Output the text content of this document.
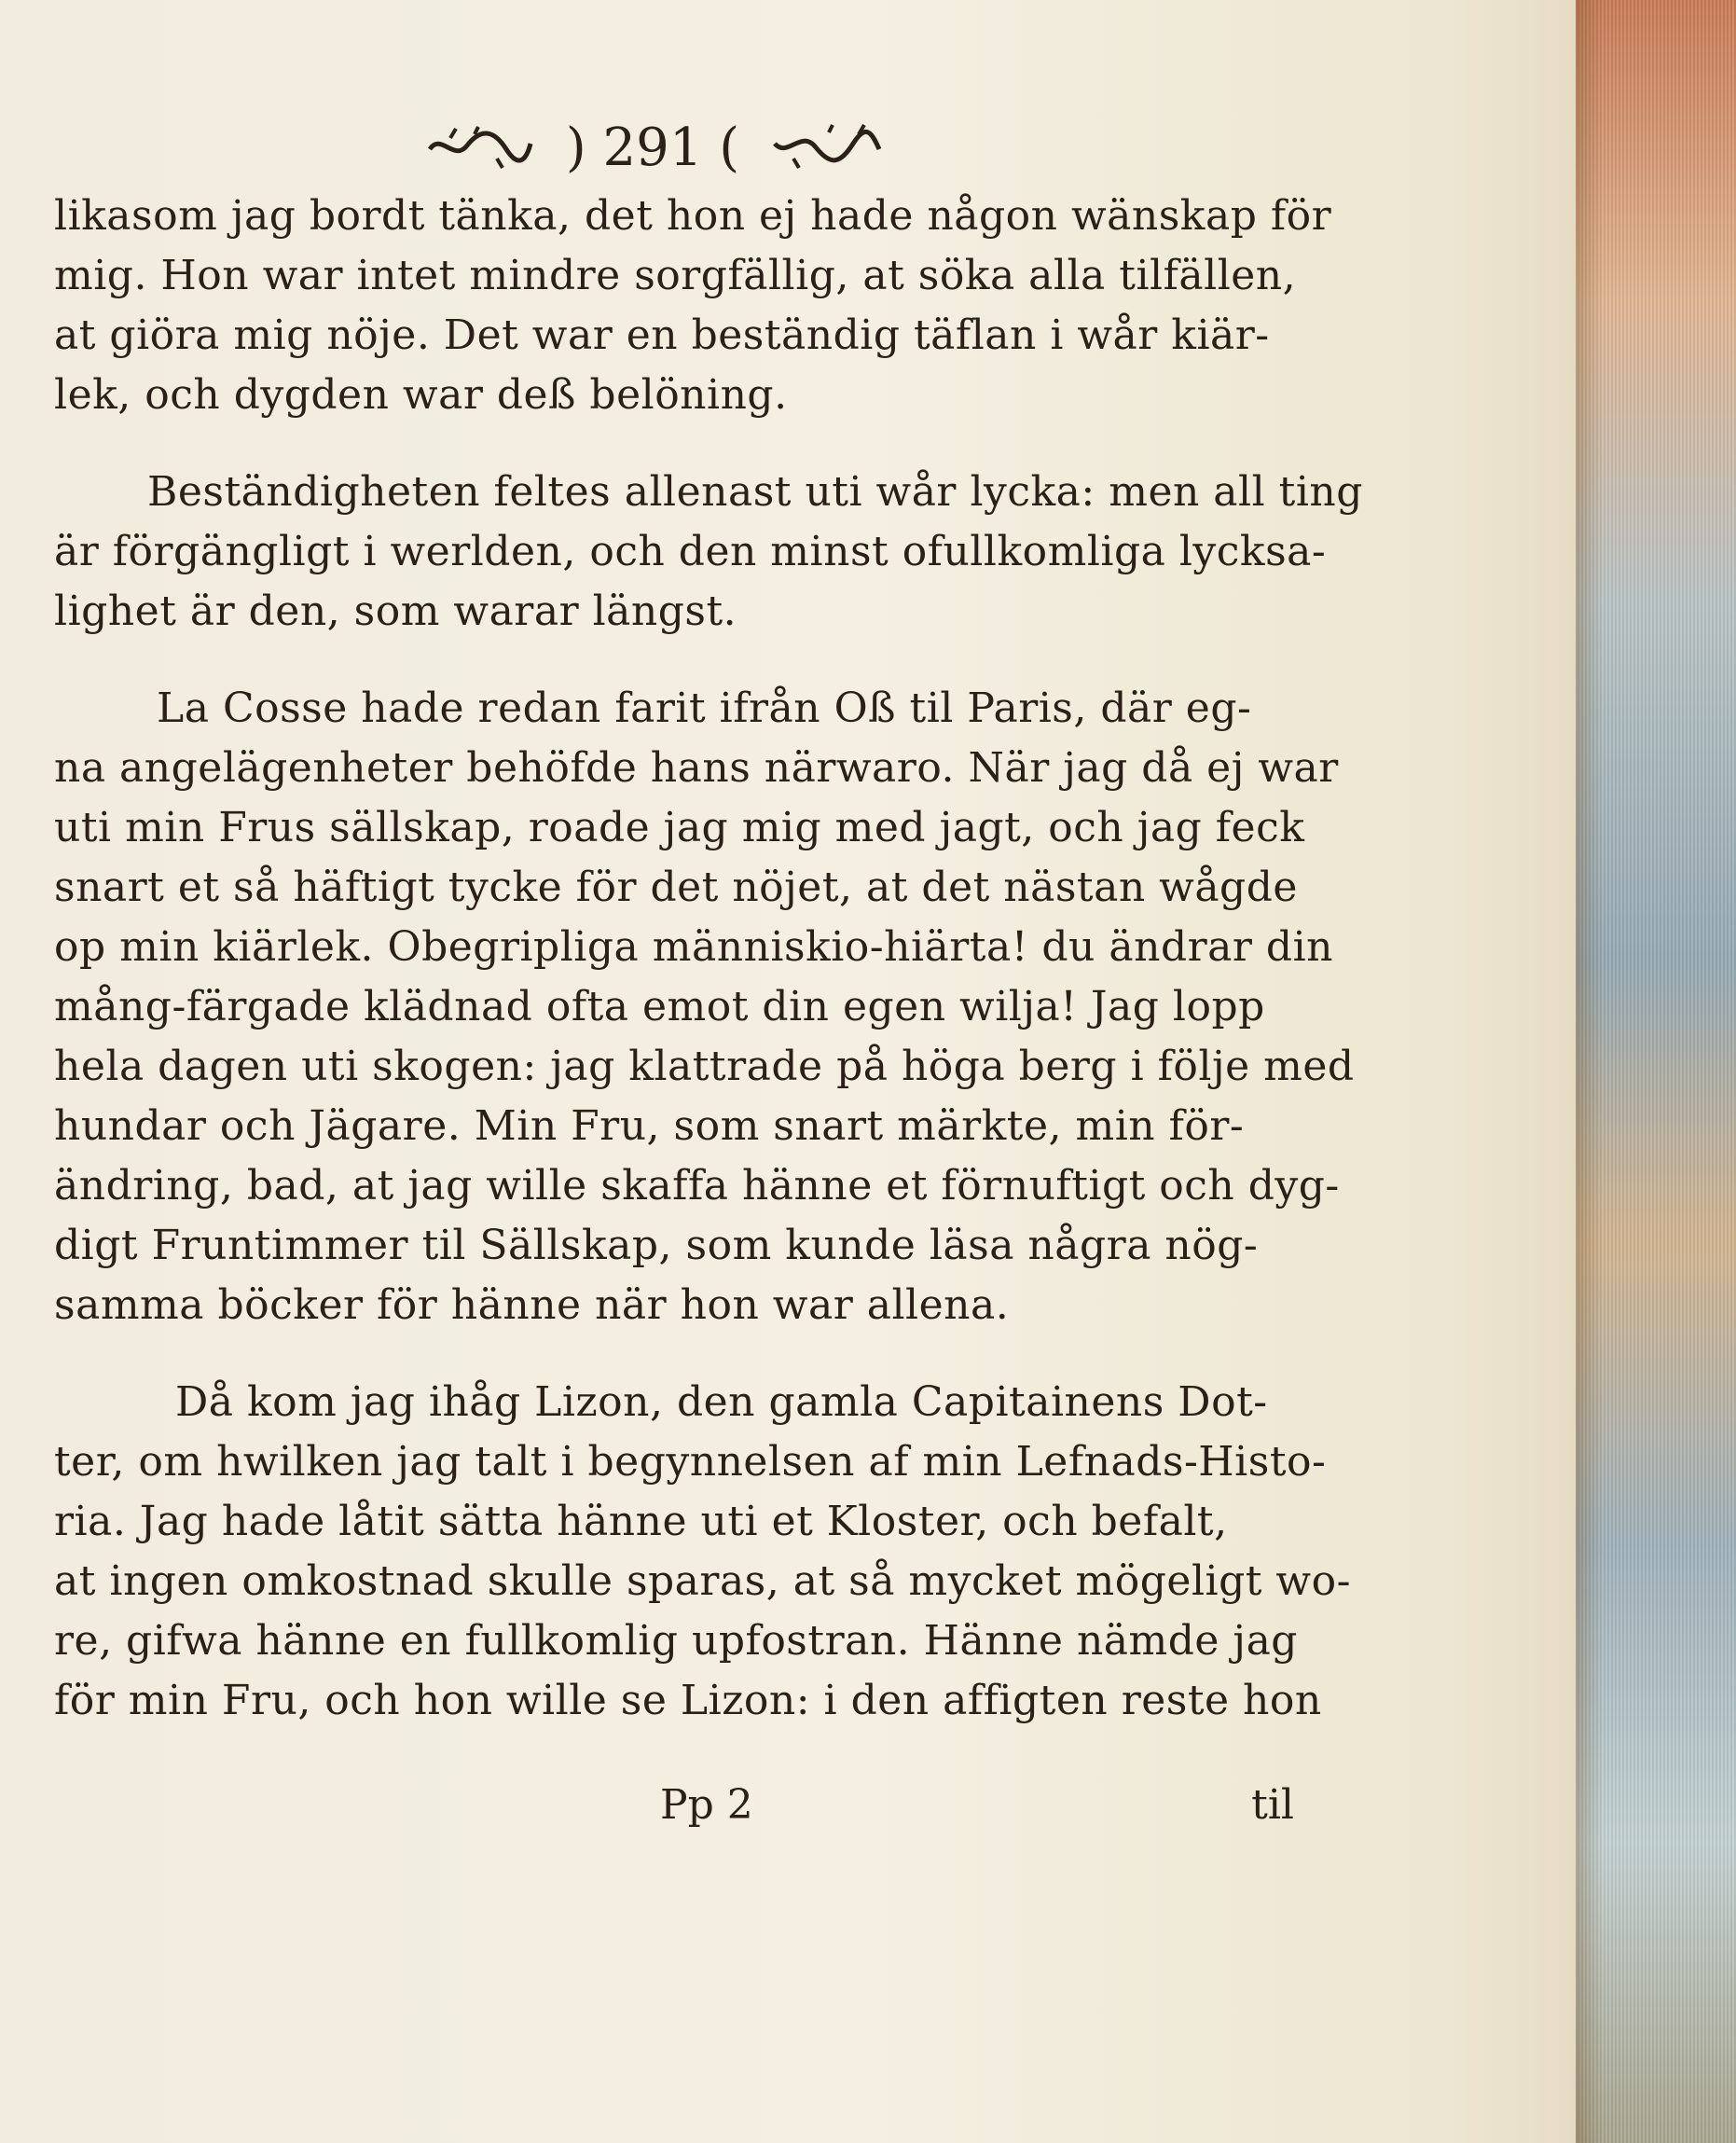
) 291 (
likasom jag bordt tänka, det hon ej hade någon wänskap för
mig. Hon war intet mindre sorgfällig, at söka alla tilfällen,
at giöra mig nöje. Det war en beständig täflan i wår kiär-
lek, och dygden war deß belöning.
Beständigheten feltes allenast uti wår lycka: men all ting
är förgängligt i werlden, och den minst ofullkomliga lycksa-
lighet är den, som warar längst.
La Cosse hade redan farit ifrån Oß til Paris, där eg-
na angelägenheter behöfde hans närwaro. När jag då ej war
uti min Frus sällskap, roade jag mig med jagt, och jag feck
snart et så häftigt tycke för det nöjet, at det nästan wågde
op min kiärlek. Obegripliga människio-hiärta! du ändrar din
mång-färgade klädnad ofta emot din egen wilja! Jag lopp
hela dagen uti skogen: jag klattrade på höga berg i följe med
hundar och Jägare. Min Fru, som snart märkte, min för-
ändring, bad, at jag wille skaffa hänne et förnuftigt och dyg-
digt Fruntimmer til Sällskap, som kunde läsa några nög-
samma böcker för hänne när hon war allena.
Då kom jag ihåg Lizon, den gamla Capitainens Dot-
ter, om hwilken jag talt i begynnelsen af min Lefnads-Histo-
ria. Jag hade låtit sätta hänne uti et Kloster, och befalt,
at ingen omkostnad skulle sparas, at så mycket mögeligt wo-
re, gifwa hänne en fullkomlig upfostran. Hänne nämde jag
för min Fru, och hon wille se Lizon: i den affigten reste hon
Pp 2	til
